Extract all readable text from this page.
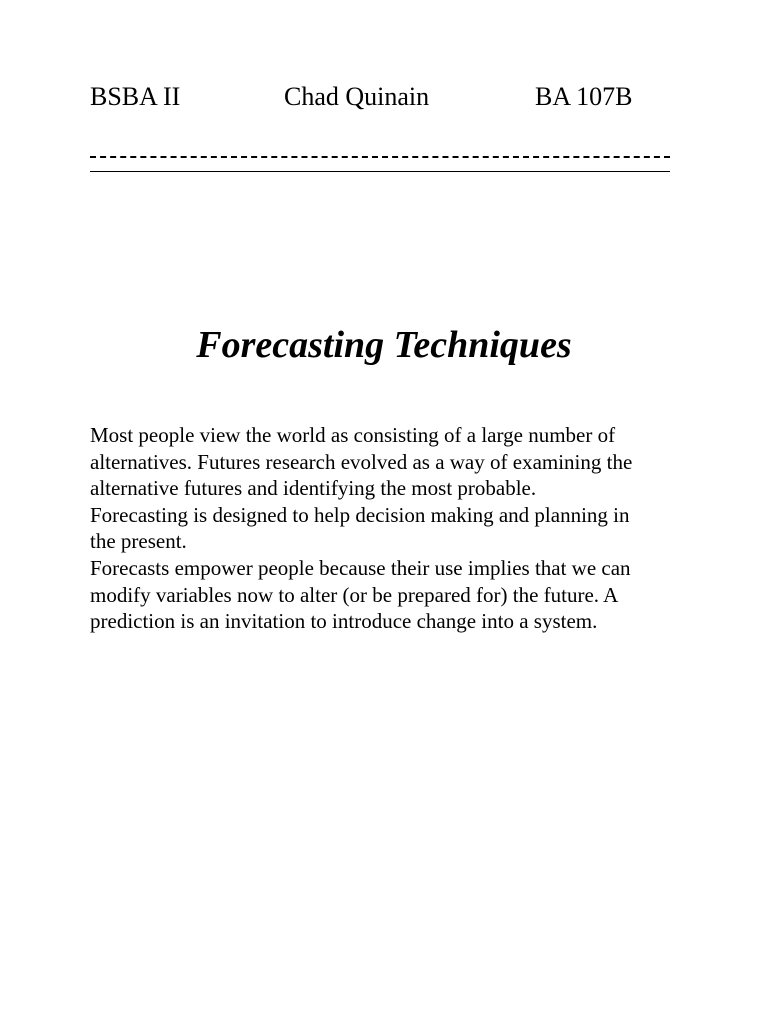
BSBA II	Chad Quinain	BA 107B
Forecasting Techniques
Most people view the world as consisting of a large number of
alternatives. Futures research evolved as a way of examining the
alternative futures and identifying the most probable.
Forecasting is designed to help decision making and planning in
the present.
Forecasts empower people because their use implies that we can
modify variables now to alter (or be prepared for) the future. A
prediction is an invitation to introduce change into a system.
